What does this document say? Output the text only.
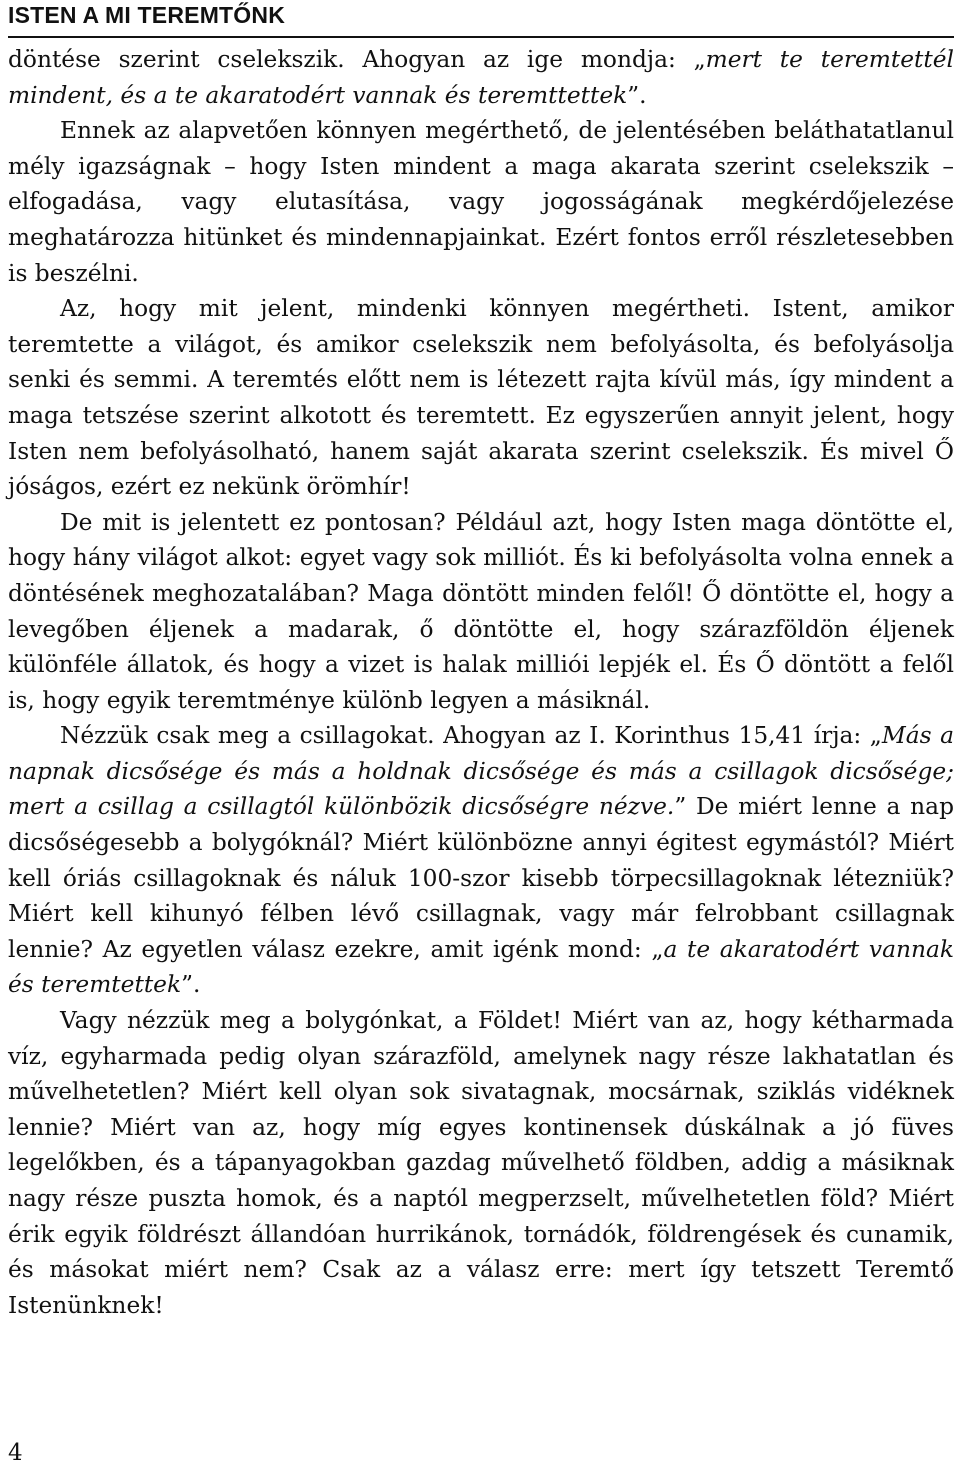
ISTEN A MI TEREMTŐNK

döntése szerint cselekszik. Ahogyan az ige mondja: „mert te teremtettél mindent, és a te akaratodért vannak és teremttettek”.

Ennek az alapvetően könnyen megérthető, de jelentésében beláthatatlanul mély igazságnak – hogy Isten mindent a maga akarata szerint cselekszik – elfogadása, vagy elutasítása, vagy jogosságának megkérdőjelezése meghatározza hitünket és mindennapjainkat. Ezért fontos erről részletesebben is beszélni.

Az, hogy mit jelent, mindenki könnyen megértheti. Istent, amikor teremtette a világot, és amikor cselekszik nem befolyásolta, és befolyásolja senki és semmi. A teremtés előtt nem is létezett rajta kívül más, így mindent a maga tetszése szerint alkotott és teremtett. Ez egyszerűen annyit jelent, hogy Isten nem befolyásolható, hanem saját akarata szerint cselekszik. És mivel Ő jóságos, ezért ez nekünk örömhír!

De mit is jelentett ez pontosan? Például azt, hogy Isten maga döntötte el, hogy hány világot alkot: egyet vagy sok milliót. És ki befolyásolta volna ennek a döntésének meghozatalában? Maga döntött minden felől! Ő döntötte el, hogy a levegőben éljenek a madarak, ő döntötte el, hogy szárazföldön éljenek különféle állatok, és hogy a vizet is halak milliói lepjék el. És Ő döntött a felől is, hogy egyik teremtménye különb legyen a másiknál.

Nézzük csak meg a csillagokat. Ahogyan az I. Korinthus 15,41 írja: „Más a napnak dicsősége és más a holdnak dicsősége és más a csillagok dicsősége; mert a csillag a csillagtól különbözik dicsőségre nézve.” De miért lenne a nap dicsőségesebb a bolygóknál? Miért különbözne annyi égitest egymástól? Miért kell óriás csillagoknak és náluk 100-szor kisebb törpecsillagoknak létezniük? Miért kell kihunyó félben lévő csillagnak, vagy már felrobbant csillagnak lennie? Az egyetlen válasz ezekre, amit igénk mond: „a te akaratodért vannak és teremtettek”.

Vagy nézzük meg a bolygónkat, a Földet! Miért van az, hogy kétharmada víz, egyharmada pedig olyan szárazföld, amelynek nagy része lakhatatlan és művelhetetlen? Miért kell olyan sok sivatagnak, mocsárnak, sziklás vidéknek lennie? Miért van az, hogy míg egyes kontinensek dúskálnak a jó füves legelőkben, és a tápanyagokban gazdag művelhető földben, addig a másiknak nagy része puszta homok, és a naptól megperzselt, művelhetetlen föld? Miért érik egyik földrészt állandóan hurrikánok, tornádók, földrengések és cunamik, és másokat miért nem? Csak az a válasz erre: mert így tetszett Teremtő Istenünknek!

4
